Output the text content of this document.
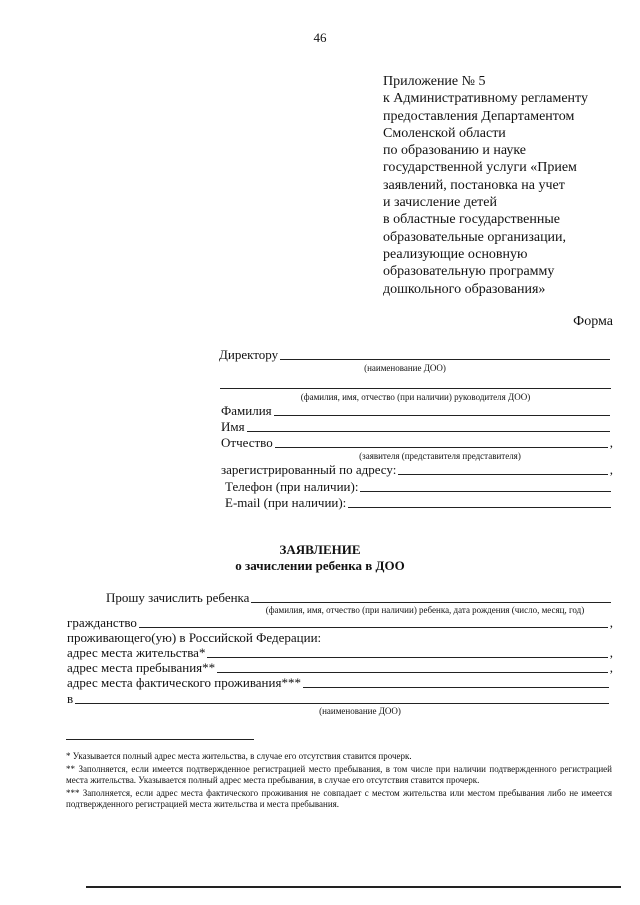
46
Приложение № 5
к Административному регламенту
предоставления Департаментом
Смоленской области
по образованию и науке
государственной услуги «Прием
заявлений, постановка на учет
и зачисление детей
в областные государственные
образовательные организации,
реализующие основную
образовательную программу
дошкольного образования»
Форма
Директору
(наименование ДОО)
(фамилия, имя, отчество (при наличии) руководителя ДОО)
Фамилия
Имя
Отчество	,
(заявителя (представителя представителя)
зарегистрированный по адресу:	,
Телефон (при наличии):
E-mail (при наличии):
ЗАЯВЛЕНИЕ
о зачислении ребенка в ДОО
Прошу зачислить ребенка
(фамилия, имя, отчество (при наличии) ребенка, дата рождения (число, месяц, год)
гражданство	,
проживающего(ую) в Российской Федерации:
адрес места жительства*	,
адрес места пребывания**	,
адрес места фактического проживания***
в
(наименование ДОО)

* Указывается полный адрес места жительства, в случае его отсутствия ставится прочерк.

** Заполняется, если имеется подтвержденное регистрацией место пребывания, в том числе при наличии подтвержденного регистрацией места жительства. Указывается полный адрес места пребывания, в случае его отсутствия ставится прочерк.

*** Заполняется, если адрес места фактического проживания не совпадает с местом жительства или местом пребывания либо не имеется подтвержденного регистрацией места жительства и места пребывания.
